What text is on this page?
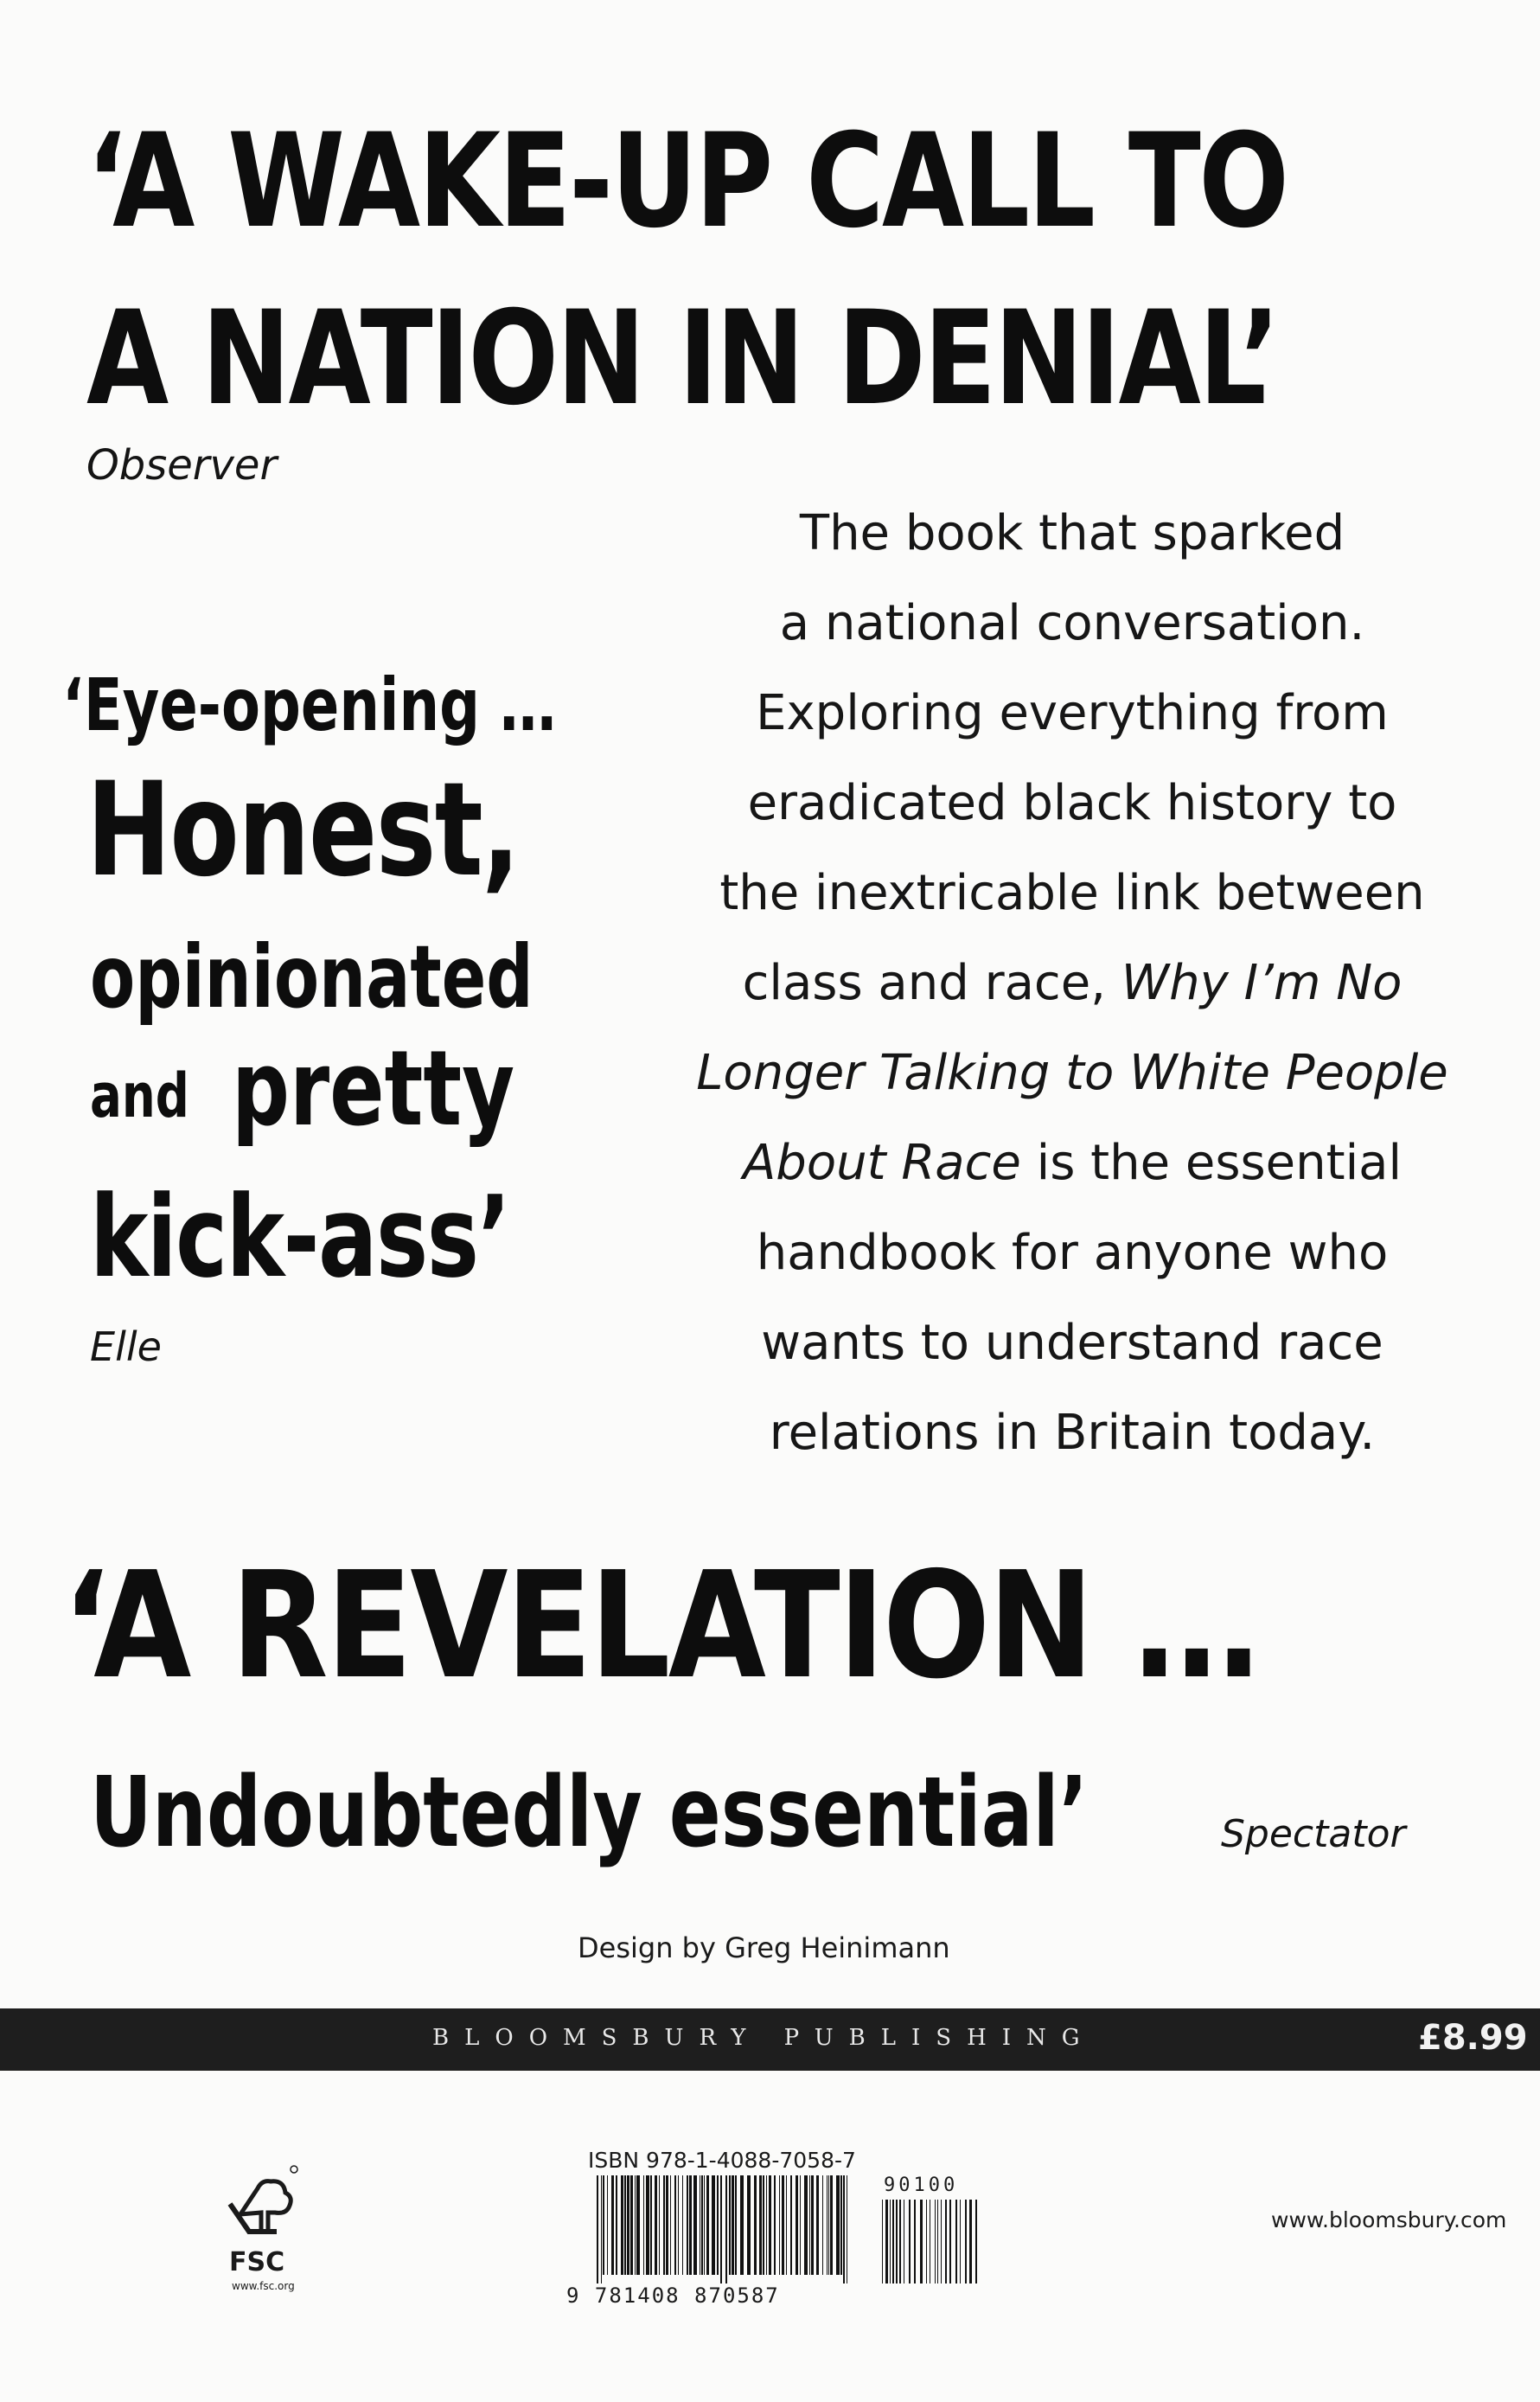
‘A WAKE-UP CALL TO
A NATION IN DENIAL’
Observer
‘Eye-opening …
Honest,
opinionated
and pretty
kick-ass’
Elle

The book that sparked

a national conversation.

Exploring everything from

eradicated black history to

the inextricable link between

class and race, Why I’m No

Longer Talking to White People

About Race is the essential

handbook for anyone who

wants to understand race

relations in Britain today.

‘A REVELATION …
Undoubtedly essential’	Spectator
Design by Greg Heinimann
BLOOMSBURY PUBLISHING	£8.99
FSC
www.fsc.org
ISBN 978-1-4088-7058-7
90100
9 781408 870587
www.bloomsbury.com
